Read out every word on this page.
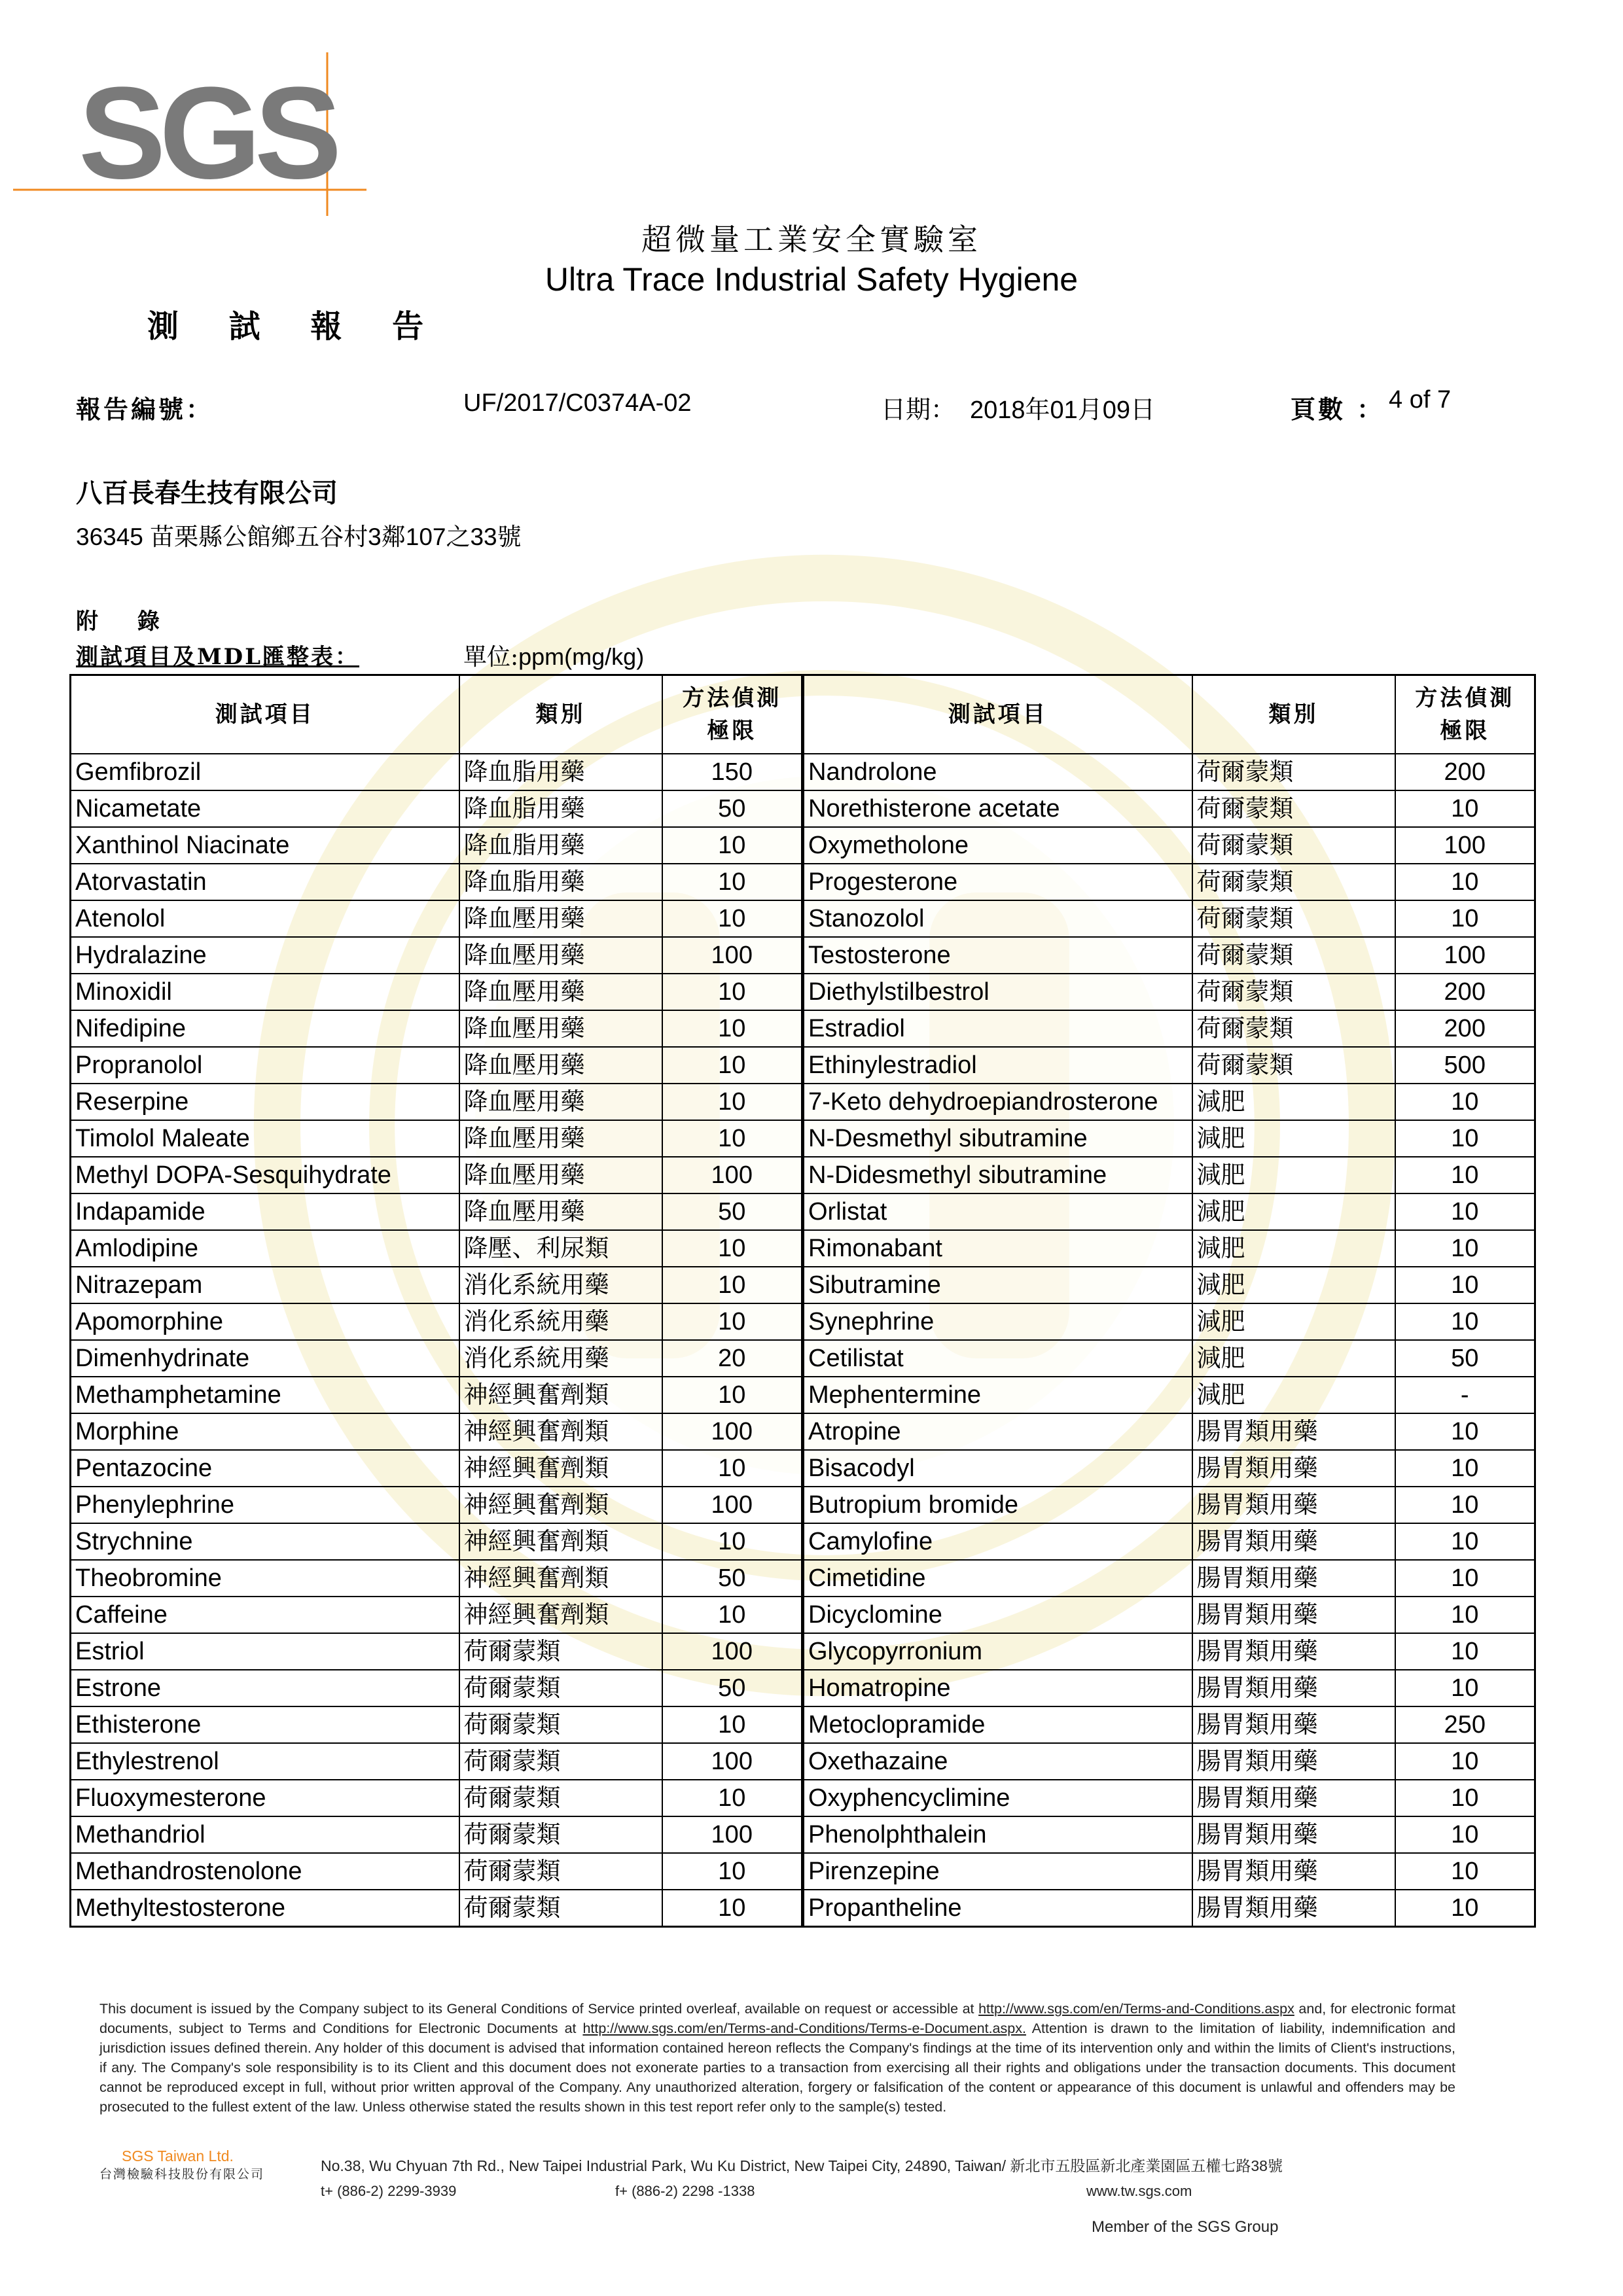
SGS
超微量工業安全實驗室
Ultra Trace Industrial Safety Hygiene
測 試 報 告
報告編號：	UF/2017/C0374A-02	日期： 2018年01月09日	頁數 ： 4 of 7
八百長春生技有限公司
36345 苗栗縣公館鄉五谷村3鄰107之33號
附 錄
測試項目及MDL匯整表：	單位:ppm(mg/kg)
測試項目	類別	方法偵測
極限
Gemfibrozil	降血脂用藥	150
Nicametate	降血脂用藥	50
Xanthinol Niacinate	降血脂用藥	10
Atorvastatin	降血脂用藥	10
Atenolol	降血壓用藥	10
Hydralazine	降血壓用藥	100
Minoxidil	降血壓用藥	10
Nifedipine	降血壓用藥	10
Propranolol	降血壓用藥	10
Reserpine	降血壓用藥	10
Timolol Maleate	降血壓用藥	10
Methyl DOPA-Sesquihydrate	降血壓用藥	100
Indapamide	降血壓用藥	50
Amlodipine	降壓、利尿類	10
Nitrazepam	消化系統用藥	10
Apomorphine	消化系統用藥	10
Dimenhydrinate	消化系統用藥	20
Methamphetamine	神經興奮劑類	10
Morphine	神經興奮劑類	100
Pentazocine	神經興奮劑類	10
Phenylephrine	神經興奮劑類	100
Strychnine	神經興奮劑類	10
Theobromine	神經興奮劑類	50
Caffeine	神經興奮劑類	10
Estriol	荷爾蒙類	100
Estrone	荷爾蒙類	50
Ethisterone	荷爾蒙類	10
Ethylestrenol	荷爾蒙類	100
Fluoxymesterone	荷爾蒙類	10
Methandriol	荷爾蒙類	100
Methandrostenolone	荷爾蒙類	10
Methyltestosterone	荷爾蒙類	10
測試項目	類別	方法偵測
極限
Nandrolone	荷爾蒙類	200
Norethisterone acetate	荷爾蒙類	10
Oxymetholone	荷爾蒙類	100
Progesterone	荷爾蒙類	10
Stanozolol	荷爾蒙類	10
Testosterone	荷爾蒙類	100
Diethylstilbestrol	荷爾蒙類	200
Estradiol	荷爾蒙類	200
Ethinylestradiol	荷爾蒙類	500
7-Keto dehydroepiandrosterone	減肥	10
N-Desmethyl sibutramine	減肥	10
N-Didesmethyl sibutramine	減肥	10
Orlistat	減肥	10
Rimonabant	減肥	10
Sibutramine	減肥	10
Synephrine	減肥	10
Cetilistat	減肥	50
Mephentermine	減肥	-
Atropine	腸胃類用藥	10
Bisacodyl	腸胃類用藥	10
Butropium bromide	腸胃類用藥	10
Camylofine	腸胃類用藥	10
Cimetidine	腸胃類用藥	10
Dicyclomine	腸胃類用藥	10
Glycopyrronium	腸胃類用藥	10
Homatropine	腸胃類用藥	10
Metoclopramide	腸胃類用藥	250
Oxethazaine	腸胃類用藥	10
Oxyphencyclimine	腸胃類用藥	10
Phenolphthalein	腸胃類用藥	10
Pirenzepine	腸胃類用藥	10
Propantheline	腸胃類用藥	10
This document is issued by the Company subject to its General Conditions of Service printed overleaf, available on request or accessible at http://www.sgs.com/en/Terms-and-Conditions.aspx and, for electronic format documents, subject to Terms and Conditions for Electronic Documents at http://www.sgs.com/en/Terms-and-Conditions/Terms-e-Document.aspx. Attention is drawn to the limitation of liability, indemnification and jurisdiction issues defined therein. Any holder of this document is advised that information contained hereon reflects the Company's findings at the time of its intervention only and within the limits of Client's instructions, if any. The Company's sole responsibility is to its Client and this document does not exonerate parties to a transaction from exercising all their rights and obligations under the transaction documents. This document cannot be reproduced except in full, without prior written approval of the Company. Any unauthorized alteration, forgery or falsification of the content or appearance of this document is unlawful and offenders may be prosecuted to the fullest extent of the law. Unless otherwise stated the results shown in this test report refer only to the sample(s) tested.
SGS Taiwan Ltd.
台灣檢驗科技股份有限公司	No.38, Wu Chyuan 7th Rd., New Taipei Industrial Park, Wu Ku District, New Taipei City, 24890, Taiwan/ 新北市五股區新北產業園區五權七路38號
t+ (886-2) 2299-3939	f+ (886-2) 2298 -1338	www.tw.sgs.com
Member of the SGS Group
